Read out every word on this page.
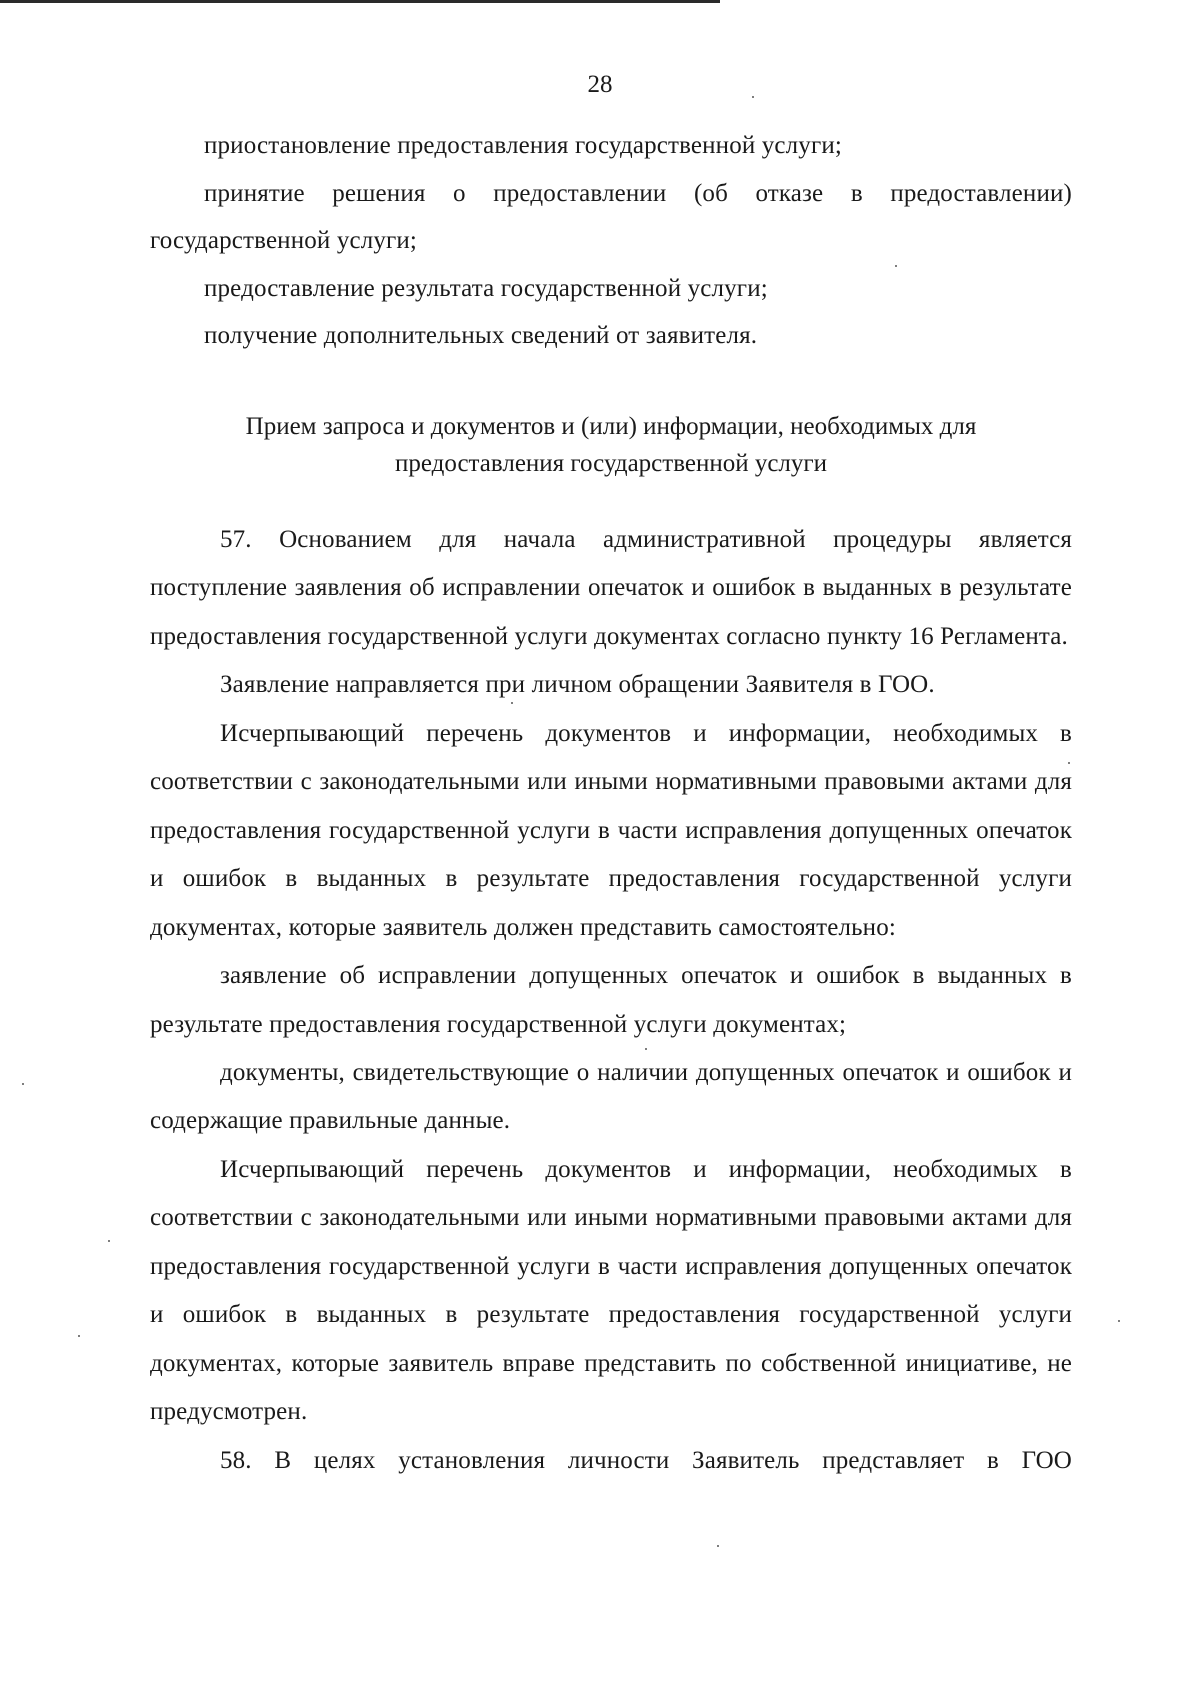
28

приостановление предоставления государственной услуги;

принятие решения о предоставлении (об отказе в предоставлении) государственной услуги;

предоставление результата государственной услуги;

получение дополнительных сведений от заявителя.

Прием запроса и документов и (или) информации, необходимых для
предоставления государственной услуги

57. Основанием для начала административной процедуры является поступление заявления об исправлении опечаток и ошибок в выданных в результате предоставления государственной услуги документах согласно пункту 16 Регламента.

Заявление направляется при личном обращении Заявителя в ГОО.

Исчерпывающий перечень документов и информации, необходимых в соответствии с законодательными или иными нормативными правовыми актами для предоставления государственной услуги в части исправления допущенных опечаток и ошибок в выданных в результате предоставления государственной услуги документах, которые заявитель должен представить самостоятельно:

заявление об исправлении допущенных опечаток и ошибок в выданных в результате предоставления государственной услуги документах;

документы, свидетельствующие о наличии допущенных опечаток и ошибок и содержащие правильные данные.

Исчерпывающий перечень документов и информации, необходимых в соответствии с законодательными или иными нормативными правовыми актами для предоставления государственной услуги в части исправления допущенных опечаток и ошибок в выданных в результате предоставления государственной услуги документах, которые заявитель вправе представить по собственной инициативе, не предусмотрен.

58. В целях установления личности Заявитель представляет в ГОО
